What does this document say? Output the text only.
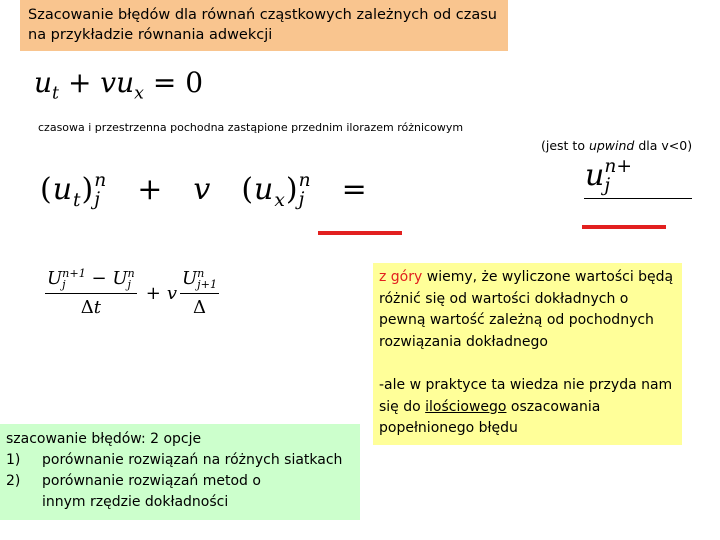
Szacowanie błędów dla równań cząstkowych zależnych od czasu
na przykładzie równania adwekcji
$u_t + vu_x = 0$
czasowa i przestrzenna pochodna zastąpione przednim ilorazem różnicowym
(jest to upwind dla v<0)
$(u_t)$ n
j + v $(u_x)$ n
j =	u n+
j
U n+1
j	− U n
j
Δt + v U n
j+1
Δ	z góry wiemy, że wyliczone wartości będą różnić się od wartości dokładnych o pewną wartość zależną od pochodnych rozwiązania dokładnego

-ale w praktyce ta wiedza nie przyda nam się do ilościowego oszacowania popełnionego błędu

szacowanie błędów: 2 opcje
1)	porównanie rozwiązań na różnych siatkach
2)	porównanie rozwiązań metod o
innym rzędzie dokładności
